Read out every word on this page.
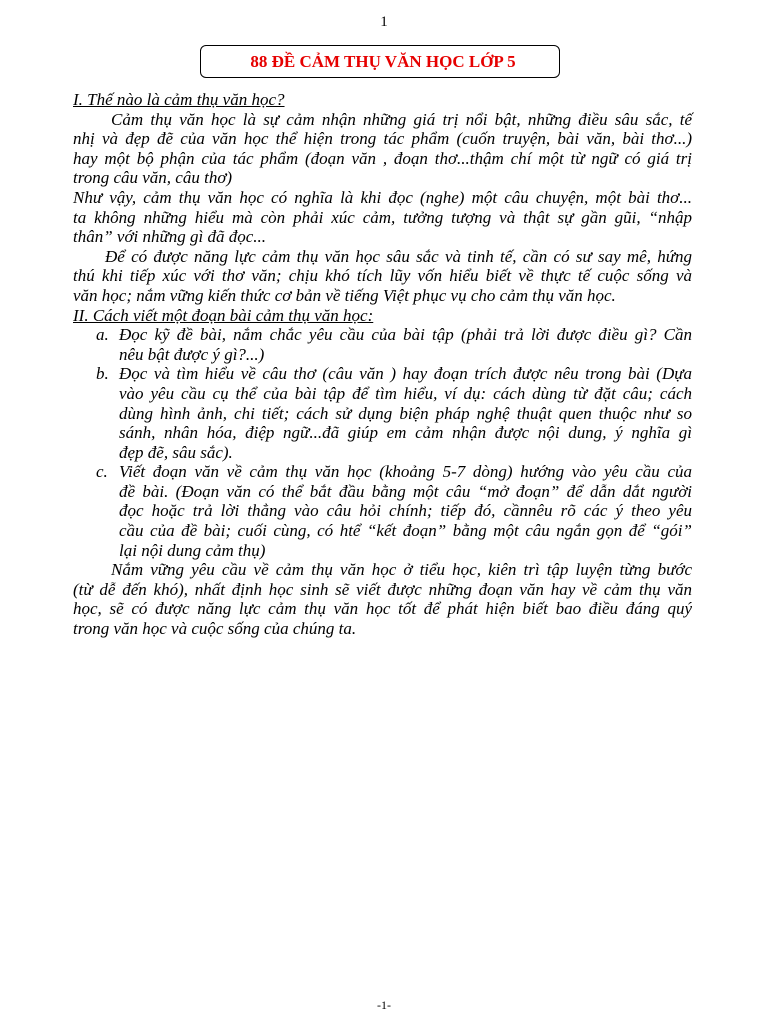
1
88 ĐỀ CẢM THỤ VĂN HỌC LỚP 5
I. Thế nào là cảm thụ văn học?
Cảm thụ văn học là sự cảm nhận những giá trị nổi bật, những điều sâu sắc, tế
nhị và đẹp đẽ của văn học thể hiện trong tác phẩm (cuốn truyện, bài văn, bài thơ...)
hay một bộ phận của tác phẩm (đoạn văn , đoạn thơ...thậm chí một từ ngữ có giá trị
trong câu văn, câu thơ)
Như vậy, cảm thụ văn học có nghĩa là khi đọc (nghe) một câu chuyện, một bài thơ...
ta không những hiểu mà còn phải xúc cảm, tưởng tượng và thật sự gần gũi, “nhập
thân” với những gì đã đọc...
Để có được năng lực cảm thụ văn học sâu sắc và tinh tế, cần có sư say mê, hứng
thú khi tiếp xúc với thơ văn; chịu khó tích lũy vốn hiểu biết về thực tế cuộc sống và
văn học; nắm vững kiến thức cơ bản về tiếng Việt phục vụ cho cảm thụ văn học.
II. Cách viết một đoạn bài cảm thụ văn học:
a. Đọc kỹ đề bài, nắm chắc yêu cầu của bài tập (phải trả lời được điều gì? Cần
nêu bật được ý gì?...)
b. Đọc và tìm hiểu về câu thơ (câu văn ) hay đoạn trích được nêu trong bài (Dựa
vào yêu cầu cụ thể của bài tập để tìm hiểu, ví dụ: cách dùng từ đặt câu; cách
dùng hình ảnh, chi tiết; cách sử dụng biện pháp nghệ thuật quen thuộc như so
sánh, nhân hóa, điệp ngữ...đã giúp em cảm nhận được nội dung, ý nghĩa gì
đẹp đẽ, sâu sắc).
c. Viết đoạn văn về cảm thụ văn học (khoảng 5-7 dòng) hướng vào yêu cầu của
đề bài. (Đoạn văn có thể bắt đầu bằng một câu “mở đoạn” để dẫn dắt người
đọc hoặc trả lời thẳng vào câu hỏi chính; tiếp đó, cầnnêu rõ các ý theo yêu
cầu của đề bài; cuối cùng, có htể “kết đoạn” bằng một câu ngắn gọn để “gói”
lại nội dung cảm thụ)
Nắm vững yêu cầu về cảm thụ văn học ở tiểu học, kiên trì tập luyện từng bước
(từ dễ đến khó), nhất định học sinh sẽ viết được những đoạn văn hay về cảm thụ văn
học, sẽ có được năng lực cảm thụ văn học tốt để phát hiện biết bao điều đáng quý
trong văn học và cuộc sống của chúng ta.
-1-
